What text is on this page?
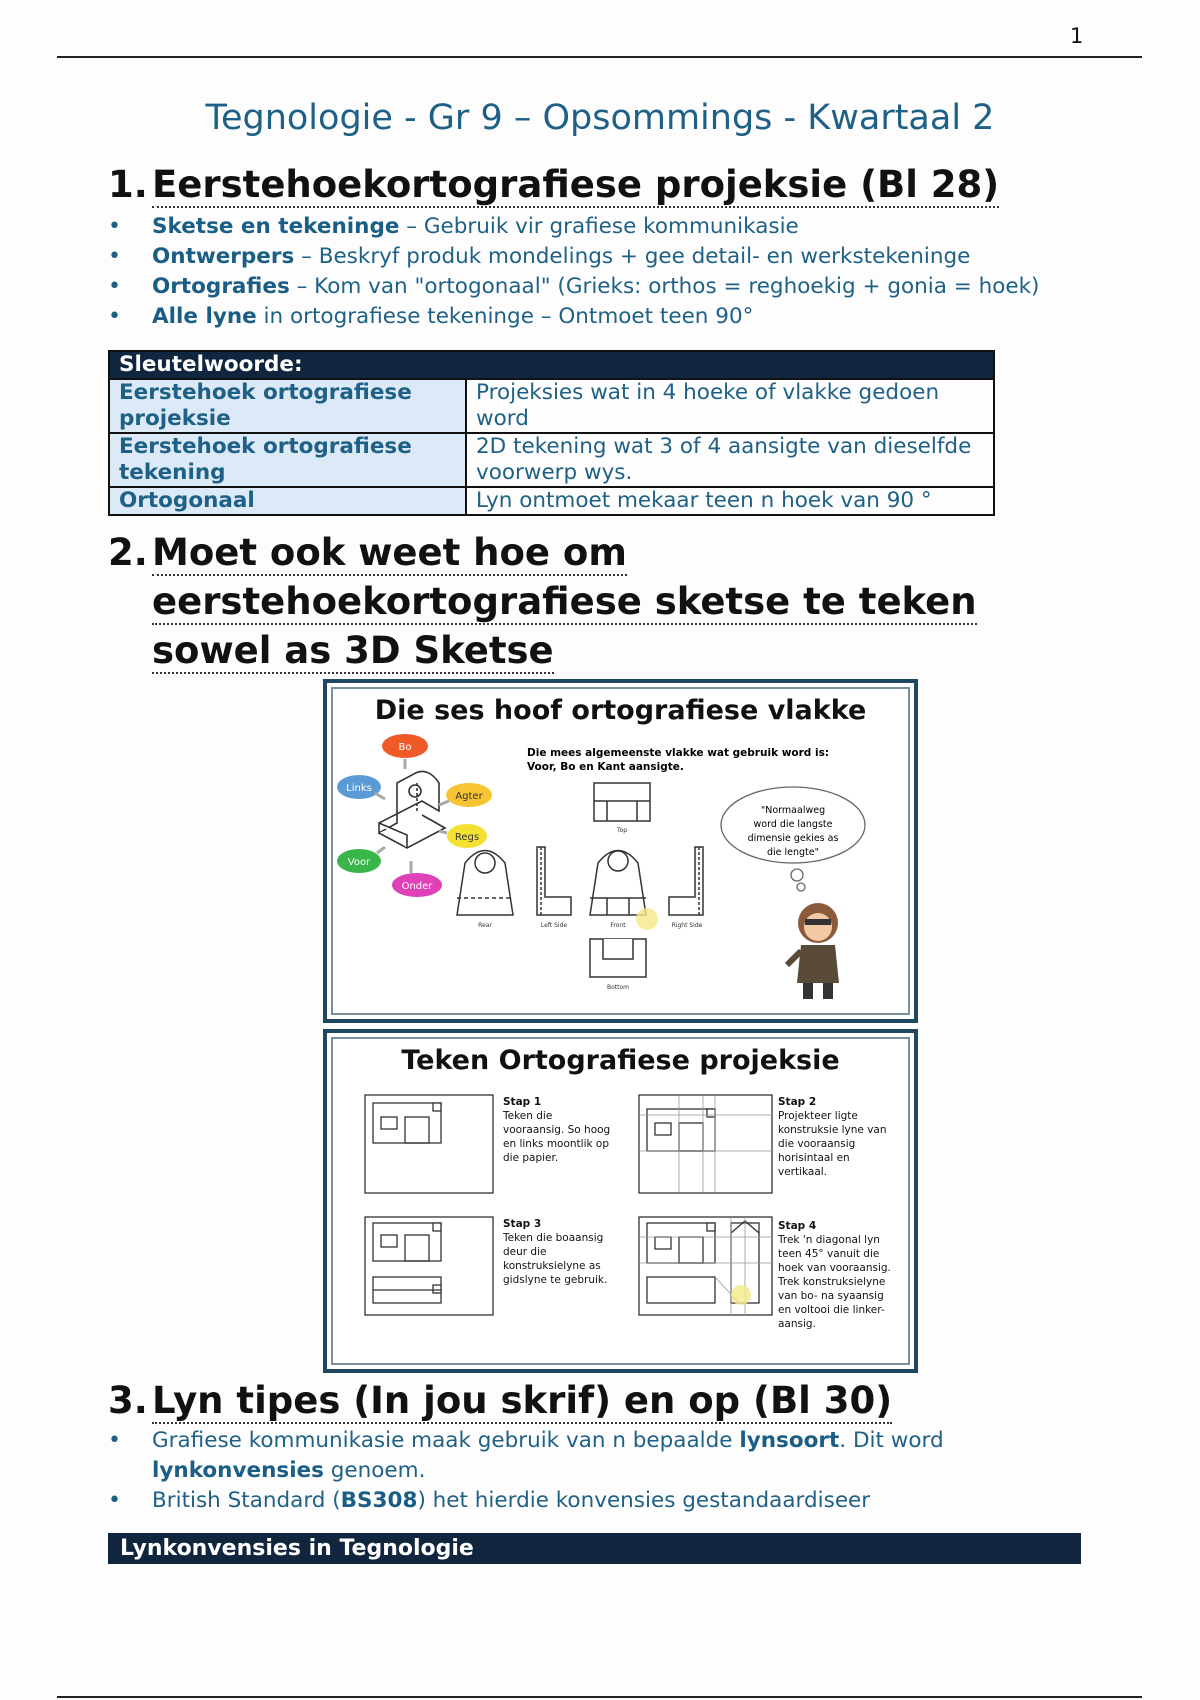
1
Tegnologie - Gr 9 – Opsommings - Kwartaal 2
1. Eerstehoekortografiese projeksie (Bl 28)
• Sketse en tekeninge – Gebruik vir grafiese kommunikasie
• Ontwerpers – Beskryf produk mondelings + gee detail- en werkstekeninge
• Ortografies – Kom van "ortogonaal" (Grieks: orthos = reghoekig + gonia = hoek)
• Alle lyne in ortografiese tekeninge – Ontmoet teen 90°
Sleutelwoorde:	
Eerstehoek ortografiese projeksie	Projeksies wat in 4 hoeke of vlakke gedoen word
Eerstehoek ortografiese tekening	2D tekening wat 3 of 4 aansigte van dieselfde voorwerp wys.
Ortogonaal	Lyn ontmoet mekaar teen n hoek van 90 °
2. Moet ook weet hoe om
eerstehoekortografiese sketse te teken
sowel as 3D Sketse
Die ses hoof ortografiese vlakke
Die mees algemeenste vlakke wat gebruik word is:
Voor, Bo en Kant aansigte.
Bo
Links
Agter
Regs
Voor
Onder
Top
Rear	Left Side	Front	Right Side
Bottom
"Normaalweg
word die langste
dimensie gekies as
die lengte"
Teken Ortografiese projeksie
Stap 1
Teken die
vooraansig. So hoog
en links moontlik op
die papier.
Stap 2
Projekteer ligte
konstruksie lyne van
die vooraansig
horisintaal en
vertikaal.
Stap 3
Teken die boaansig
deur die
konstruksielyne as
gidslyne te gebruik.
Stap 4
Trek 'n diagonal lyn
teen 45° vanuit die
hoek van vooraansig.
Trek konstruksielyne
van bo- na syaansig
en voltooi die linker-
aansig.
3. Lyn tipes (In jou skrif) en op (Bl 30)
• Grafiese kommunikasie maak gebruik van n bepaalde lynsoort. Dit word lynkonvensies genoem.
• British Standard (BS308) het hierdie konvensies gestandaardiseer
Lynkonvensies in Tegnologie
